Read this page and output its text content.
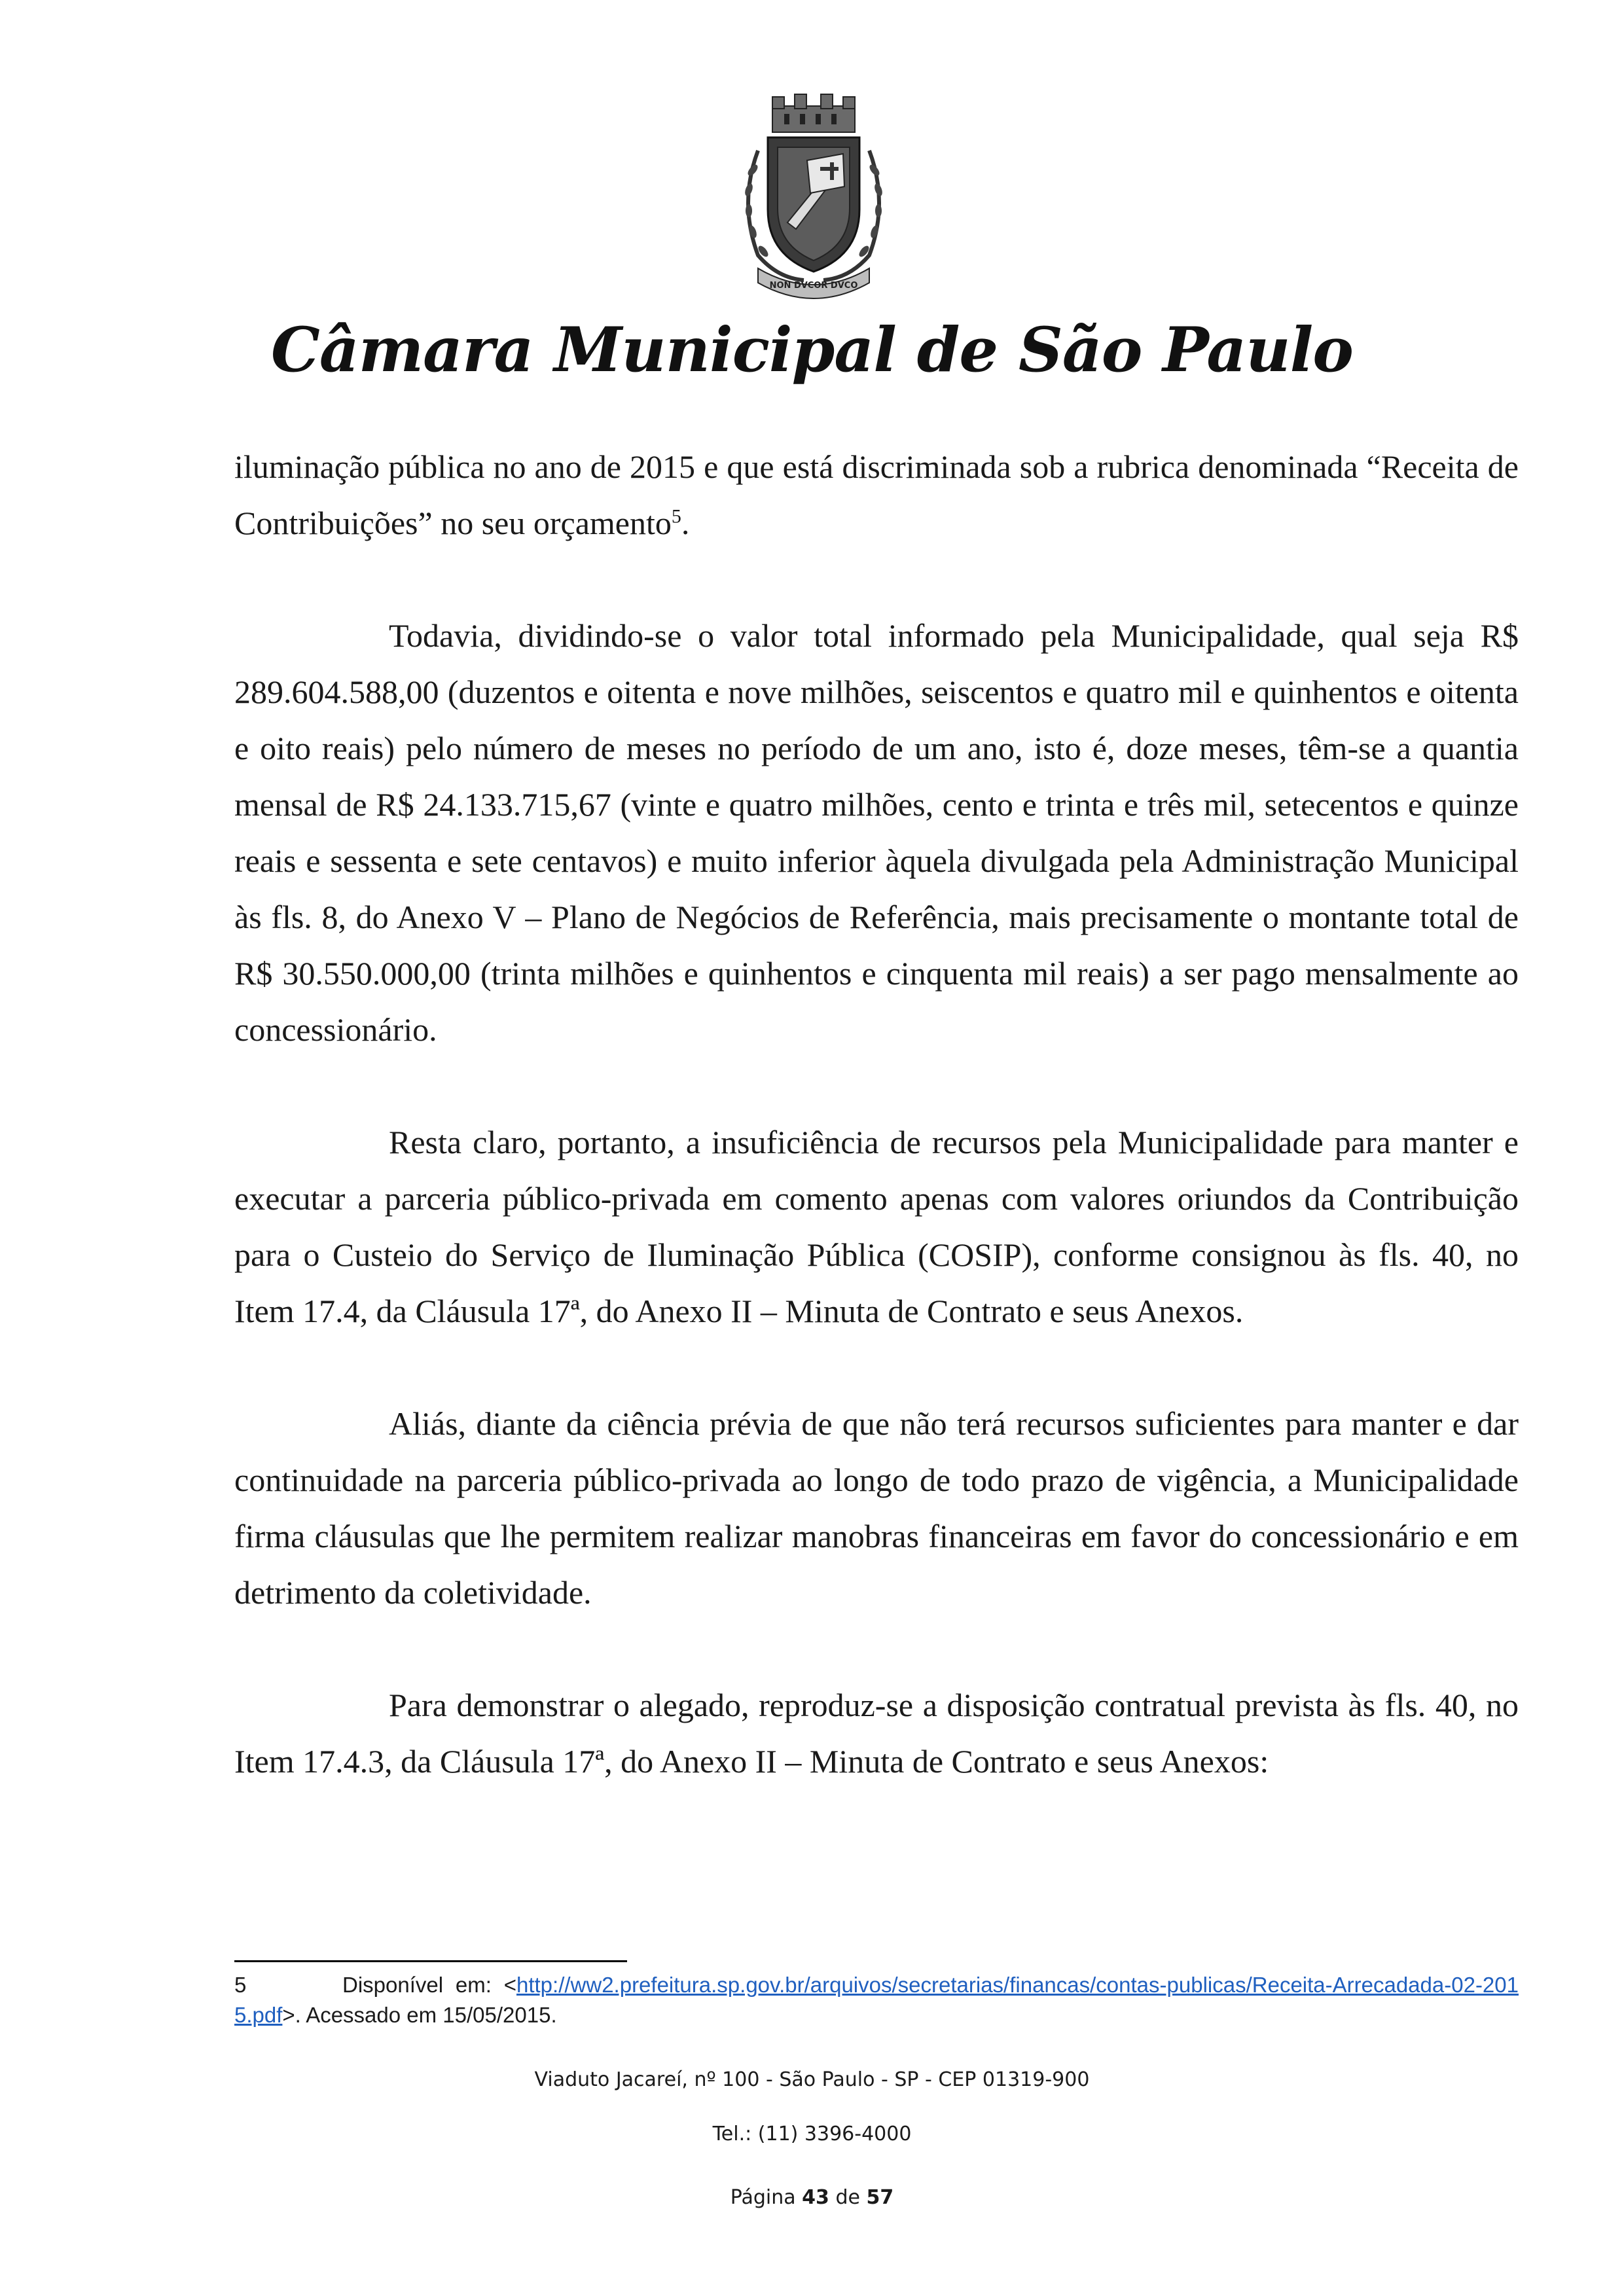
NON DVCOR DVCO
Câmara Municipal de São Paulo

iluminação pública no ano de 2015 e que está discriminada sob a rubrica denominada “Receita de Contribuições” no seu orçamento$^5$.

Todavia, dividindo-se o valor total informado pela Municipalidade, qual seja R$ 289.604.588,00 (duzentos e oitenta e nove milhões, seiscentos e quatro mil e quinhentos e oitenta e oito reais) pelo número de meses no período de um ano, isto é, doze meses, têm-se a quantia mensal de R$ 24.133.715,67 (vinte e quatro milhões, cento e trinta e três mil, setecentos e quinze reais e sessenta e sete centavos) e muito inferior àquela divulgada pela Administração Municipal às fls. 8, do Anexo V – Plano de Negócios de Referência, mais precisamente o montante total de R$ 30.550.000,00 (trinta milhões e quinhentos e cinquenta mil reais) a ser pago mensalmente ao concessionário.

Resta claro, portanto, a insuficiência de recursos pela Municipalidade para manter e executar a parceria público-privada em comento apenas com valores oriundos da Contribuição para o Custeio do Serviço de Iluminação Pública (COSIP), conforme consignou às fls. 40, no Item 17.4, da Cláusula 17ª, do Anexo II – Minuta de Contrato e seus Anexos.

Aliás, diante da ciência prévia de que não terá recursos suficientes para manter e dar continuidade na parceria público-privada ao longo de todo prazo de vigência, a Municipalidade firma cláusulas que lhe permitem realizar manobras financeiras em favor do concessionário e em detrimento da coletividade.

Para demonstrar o alegado, reproduz-se a disposição contratual prevista às fls. 40, no Item 17.4.3, da Cláusula 17ª, do Anexo II – Minuta de Contrato e seus Anexos:

5	Disponível em: <http://ww2.prefeitura.sp.gov.br/arquivos/secretarias/financas/contas-publicas/Receita-Arrecadada-02-2015.pdf>. Acessado em 15/05/2015.
Viaduto Jacareí, nº 100 - São Paulo - SP - CEP 01319-900
Tel.: (11) 3396-4000
Página 43 de 57
